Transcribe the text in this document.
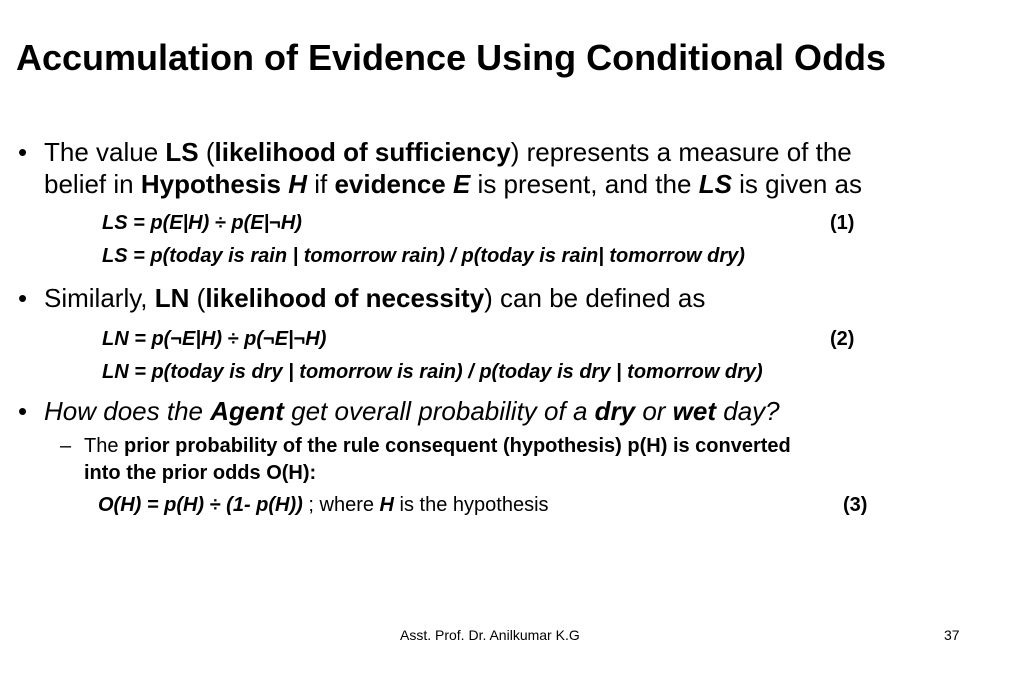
Accumulation of Evidence Using Conditional Odds
• The value LS (likelihood of sufficiency) represents a measure of the
belief in Hypothesis H if evidence E is present, and the LS is given as
LS = p(E|H) ÷ p(E|¬H)	(1)
LS = p(today is rain | tomorrow rain) / p(today is rain| tomorrow dry)
• Similarly, LN (likelihood of necessity) can be defined as
LN = p(¬E|H) ÷ p(¬E|¬H)	(2)
LN = p(today is dry | tomorrow is rain) / p(today is dry | tomorrow dry)
• How does the Agent get overall probability of a dry or wet day?
– The prior probability of the rule consequent (hypothesis) p(H) is converted
into the prior odds O(H):
O(H) = p(H) ÷ (1- p(H)) ; where H is the hypothesis	(3)
Asst. Prof. Dr. Anilkumar K.G	37
